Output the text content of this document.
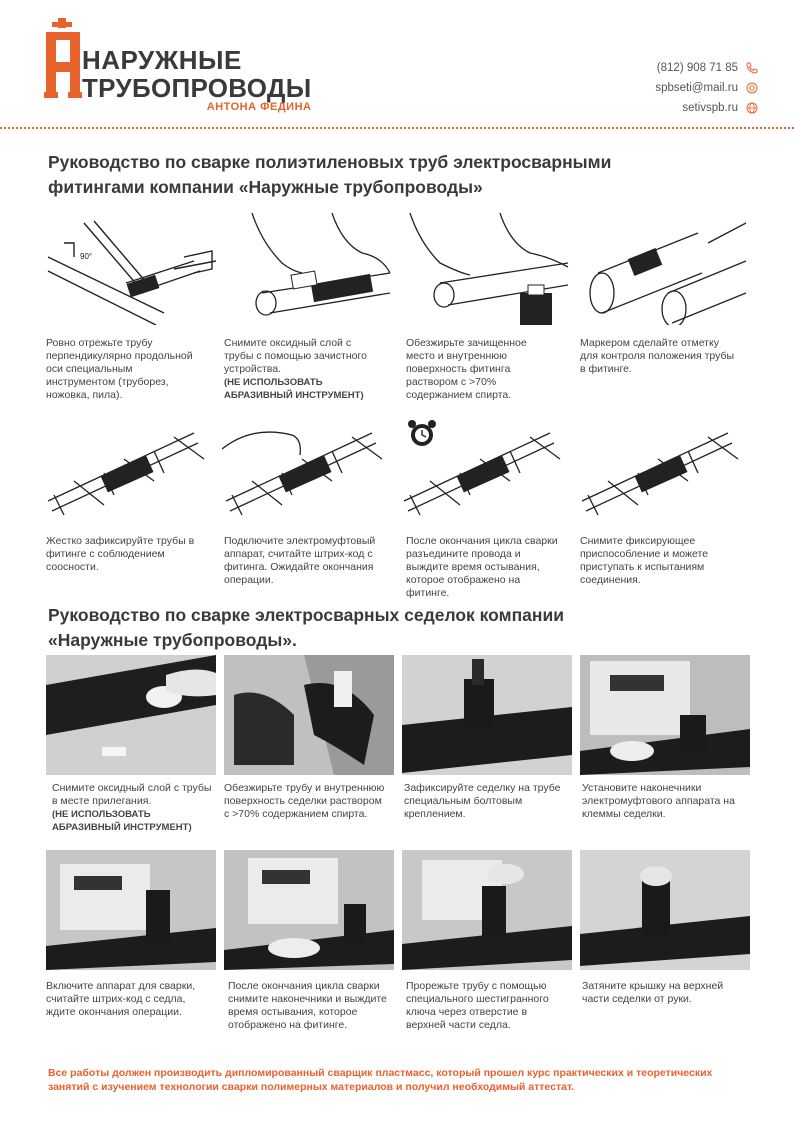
НАРУЖНЫЕ
ТРУБОПРОВОДЫ
АНТОНА ФЕДИНА
(812) 908 71 85
spbseti@mail.ru
setivspb.ru
Руководство по сварке полиэтиленовых труб электросварными
фитингами компании «Наружные трубопроводы»
90°
Ровно отрежьте трубу перпендикулярно продольной оси специальным инструментом (труборез, ножовка, пила).
Снимите оксидный слой с трубы с помощью зачистного устройства.
(НЕ ИСПОЛЬЗОВАТЬ АБРАЗИВНЫЙ ИНСТРУМЕНТ)
Обезжирьте зачищенное место и внутреннюю поверхность фитинга раствором с >70% содержанием спирта.
Маркером сделайте отметку для контроля положения трубы в фитинге.
Жестко зафиксируйте трубы в фитинге с соблюдением соосности.
Подключите электромуфтовый аппарат, считайте штрих-код с фитинга. Ожидайте окончания операции.
После окончания цикла сварки разъедините провода и выждите время остывания, которое отображено на фитинге.
Снимите фиксирующее приспособление и можете приступать к испытаниям соединения.
Руководство по сварке электросварных седелок компании
«Наружные трубопроводы».
Снимите оксидный слой с трубы в месте прилегания.
(НЕ ИСПОЛЬЗОВАТЬ АБРАЗИВНЫЙ ИНСТРУМЕНТ)
Обезжирьте трубу и внутреннюю поверхность седелки раствором с >70% содержанием спирта.
Зафиксируйте седелку на трубе специальным болтовым креплением.
Установите наконечники электромуфтового аппарата на клеммы седелки.
Включите аппарат для сварки, считайте штрих-код с седла, ждите окончания операции.
После окончания цикла сварки снимите наконечники и выждите время остывания, которое отображено на фитинге.
Прорежьте трубу с помощью специального шестигранного ключа через отверстие в верхней части седла.
Затяните крышку на верхней части седелки от руки.
Все работы должен производить дипломированный сварщик пластмасс, который прошел курс практических и теоретических занятий с изучением технологии сварки полимерных материалов и получил необходимый аттестат.
